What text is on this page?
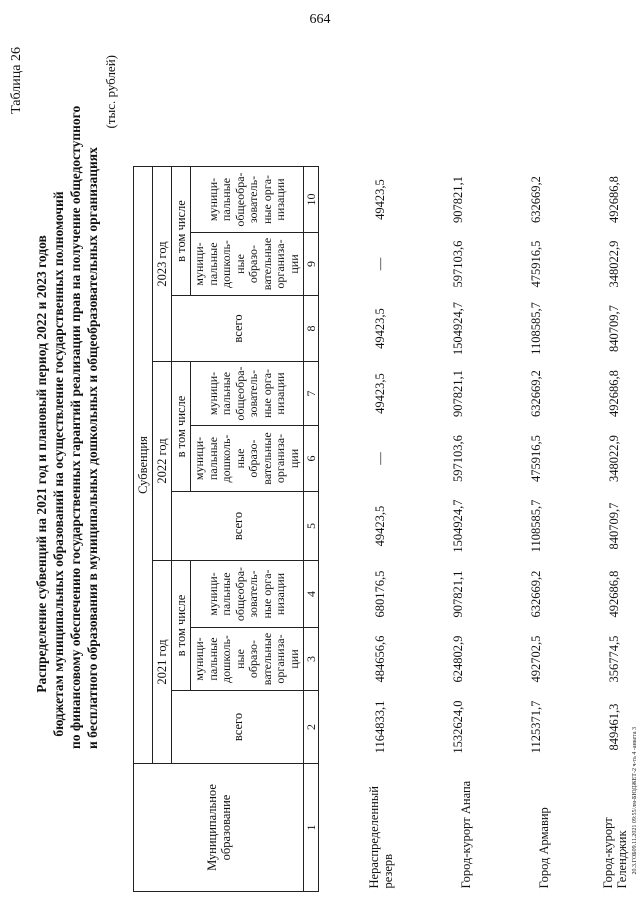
664
20.3.ГОБ09.11.2021 09:55/лм-БЮДЖЕТ-2 ч-ть 4 -анкета 3
Таблица 26
Распределение субвенций на 2021 год и плановый период 2022 и 2023 годов бюджетам муниципальных образований на осуществление государственных полномочий по финансовому обеспечению государственных гарантий реализации прав на получение общедоступного и бесплатного образования в муниципальных дошкольных и общеобразовательных организациях
(тыс. рублей)
Муниципальное образование	Субвенция								
	2021 год			2022 год			2023 год		
	всего	в том числе		всего	в том числе		всего	в том числе	
		муници-пальные дошколь-ные образо-вательные организа-ции	муници-пальные общеобра-зователь-ные орга-низации		муници-пальные дошколь-ные образо-вательные организа-ции	муници-пальные общеобра-зователь-ные орга-низации		муници-пальные дошколь-ные образо-вательные организа-ции	муници-пальные общеобра-зователь-ные орга-низации
1	2	3	4	5	6	7	8	9	10
Нераспределенный резерв	1164833,1	484656,6	680176,5	49423,5	—	49423,5	49423,5	—	49423,5
Город-курорт Анапа	1532624,0	624802,9	907821,1	1504924,7	597103,6	907821,1	1504924,7	597103,6	907821,1
Город Армавир	1125371,7	492702,5	632669,2	1108585,7	475916,5	632669,2	1108585,7	475916,5	632669,2
Город-курорт Геленджик	849461,3	356774,5	492686,8	840709,7	348022,9	492686,8	840709,7	348022,9	492686,8
